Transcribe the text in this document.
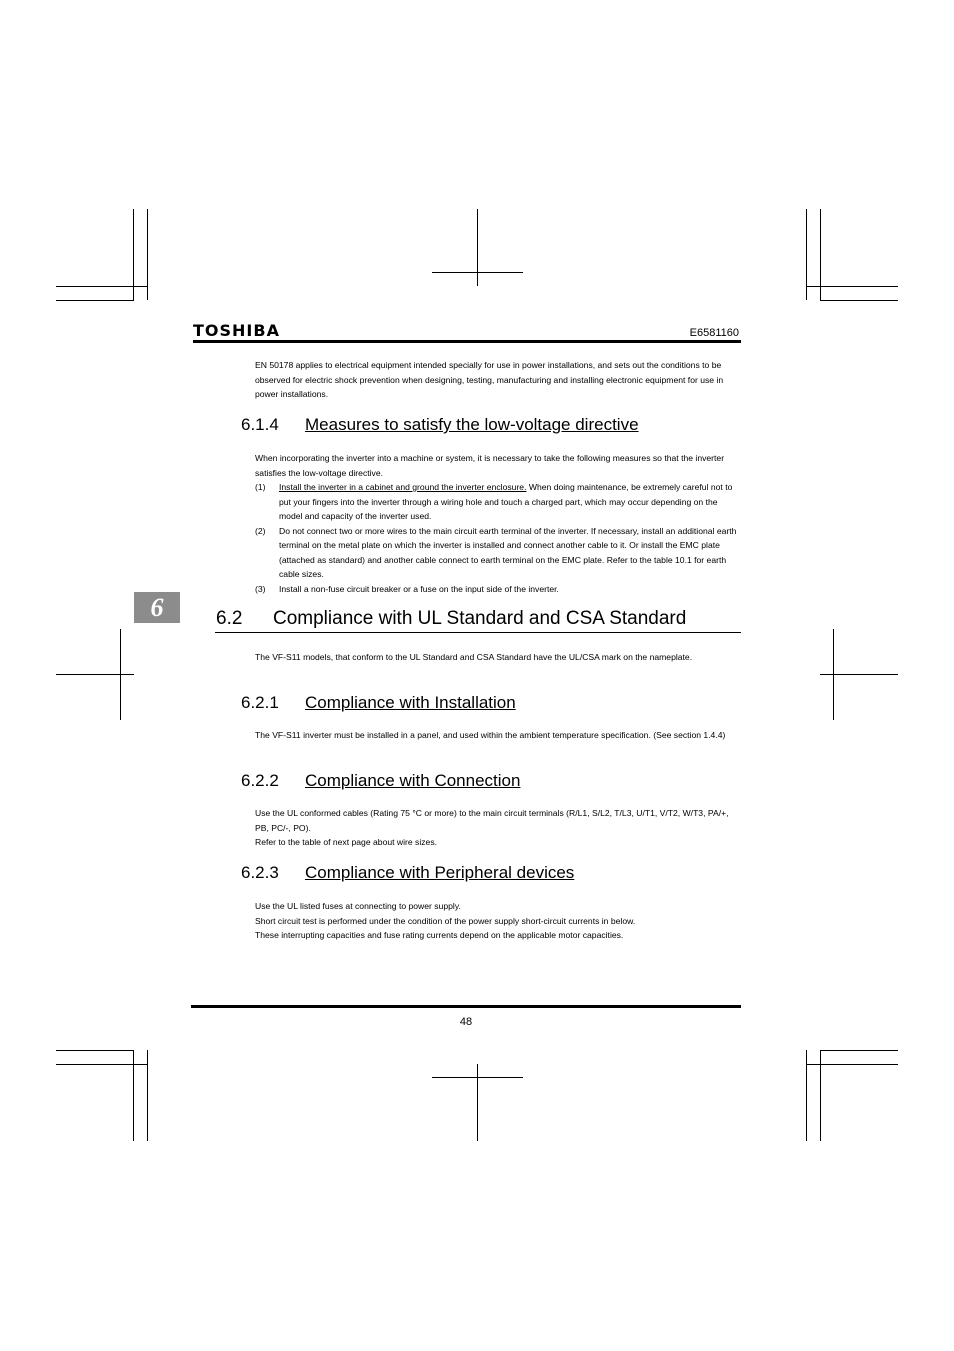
TOSHIBA	E6581160

EN 50178 applies to electrical equipment intended specially for use in power installations, and sets out the conditions to be observed for electric shock prevention when designing, testing, manufacturing and installing electronic equipment for use in power installations.

6.1.4 Measures to satisfy the low-voltage directive

When incorporating the inverter into a machine or system, it is necessary to take the following measures so that the inverter satisfies the low-voltage directive.

(1) Install the inverter in a cabinet and ground the inverter enclosure. When doing maintenance, be extremely careful not to put your fingers into the inverter through a wiring hole and touch a charged part, which may occur depending on the model and capacity of the inverter used.
(2) Do not connect two or more wires to the main circuit earth terminal of the inverter. If necessary, install an additional earth terminal on the metal plate on which the inverter is installed and connect another cable to it. Or install the EMC plate (attached as standard) and another cable connect to earth terminal on the EMC plate. Refer to the table 10.1 for earth cable sizes.
(3) Install a non-fuse circuit breaker or a fuse on the input side of the inverter.
6	6.2 Compliance with UL Standard and CSA Standard

The VF-S11 models, that conform to the UL Standard and CSA Standard have the UL/CSA mark on the nameplate.

6.2.1 Compliance with Installation

The VF-S11 inverter must be installed in a panel, and used within the ambient temperature specification. (See section 1.4.4)

6.2.2 Compliance with Connection

Use the UL conformed cables (Rating 75 °C or more) to the main circuit terminals (R/L1, S/L2, T/L3, U/T1, V/T2, W/T3, PA/+, PB, PC/-, PO).

Refer to the table of next page about wire sizes.

6.2.3 Compliance with Peripheral devices

Use the UL listed fuses at connecting to power supply.

Short circuit test is performed under the condition of the power supply short-circuit currents in below.

These interrupting capacities and fuse rating currents depend on the applicable motor capacities.

48
